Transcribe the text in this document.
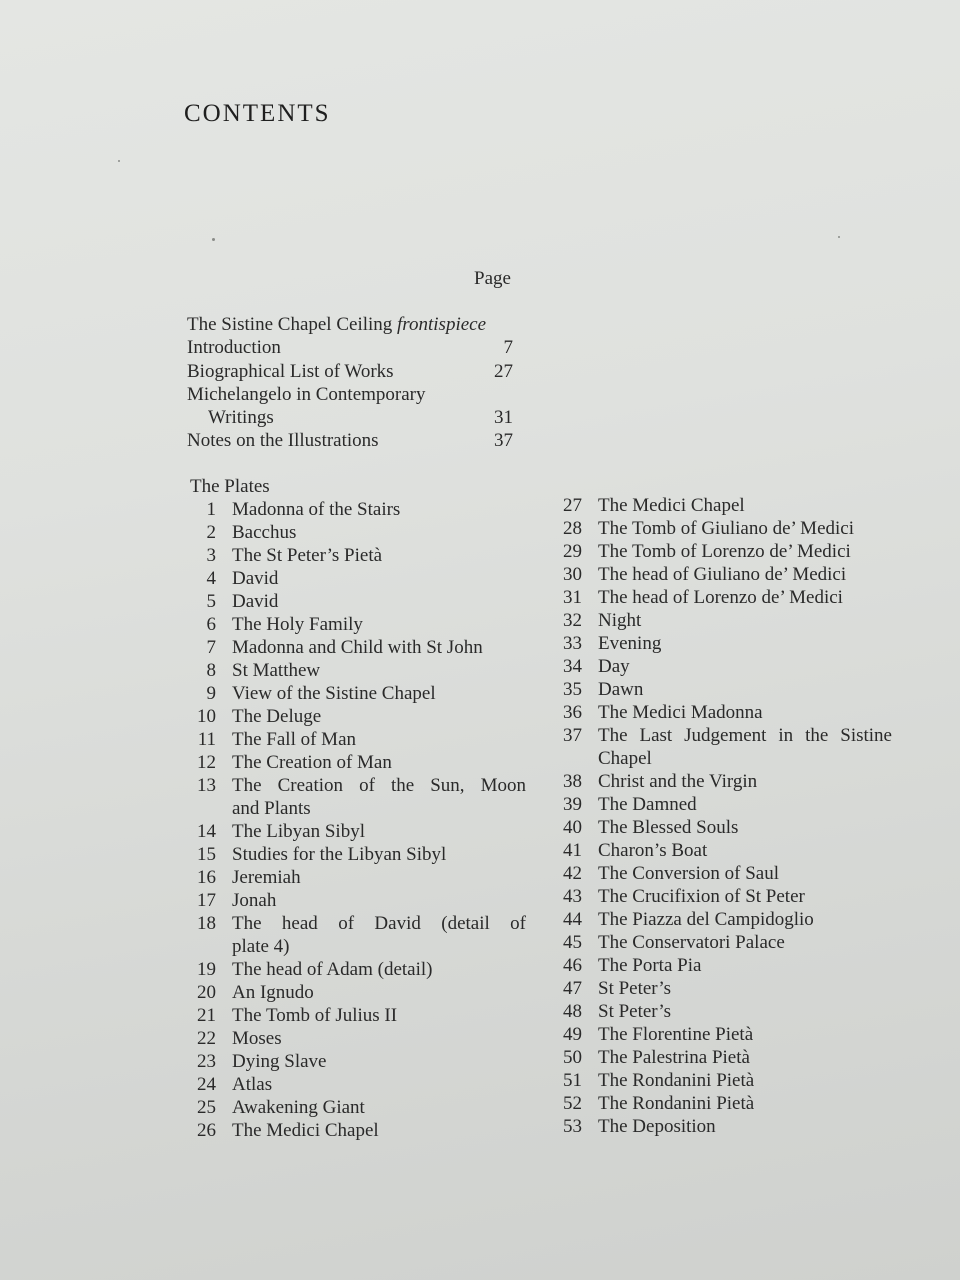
CONTENTS
Page
The Sistine Chapel Ceiling frontispiece
Introduction	7
Biographical List of Works	27
Michelangelo in Contemporary
Writings	31
Notes on the Illustrations	37
The Plates
1 Madonna of the Stairs
2 Bacchus
3 The St Peter’s Pietà
4 David
5 David
6 The Holy Family
7 Madonna and Child with St John
8 St Matthew
9 View of the Sistine Chapel
10 The Deluge
11 The Fall of Man
12 The Creation of Man
13 The Creation of the Sun, Moon
and Plants
14 The Libyan Sibyl
15 Studies for the Libyan Sibyl
16 Jeremiah
17 Jonah
18 The head of David (detail of
plate 4)
19 The head of Adam (detail)
20 An Ignudo
21 The Tomb of Julius II
22 Moses
23 Dying Slave
24 Atlas
25 Awakening Giant
26 The Medici Chapel
27 The Medici Chapel
28 The Tomb of Giuliano de’ Medici
29 The Tomb of Lorenzo de’ Medici
30 The head of Giuliano de’ Medici
31 The head of Lorenzo de’ Medici
32 Night
33 Evening
34 Day
35 Dawn
36 The Medici Madonna
37 The Last Judgement in the Sistine
Chapel
38 Christ and the Virgin
39 The Damned
40 The Blessed Souls
41 Charon’s Boat
42 The Conversion of Saul
43 The Crucifixion of St Peter
44 The Piazza del Campidoglio
45 The Conservatori Palace
46 The Porta Pia
47 St Peter’s
48 St Peter’s
49 The Florentine Pietà
50 The Palestrina Pietà
51 The Rondanini Pietà
52 The Rondanini Pietà
53 The Deposition
